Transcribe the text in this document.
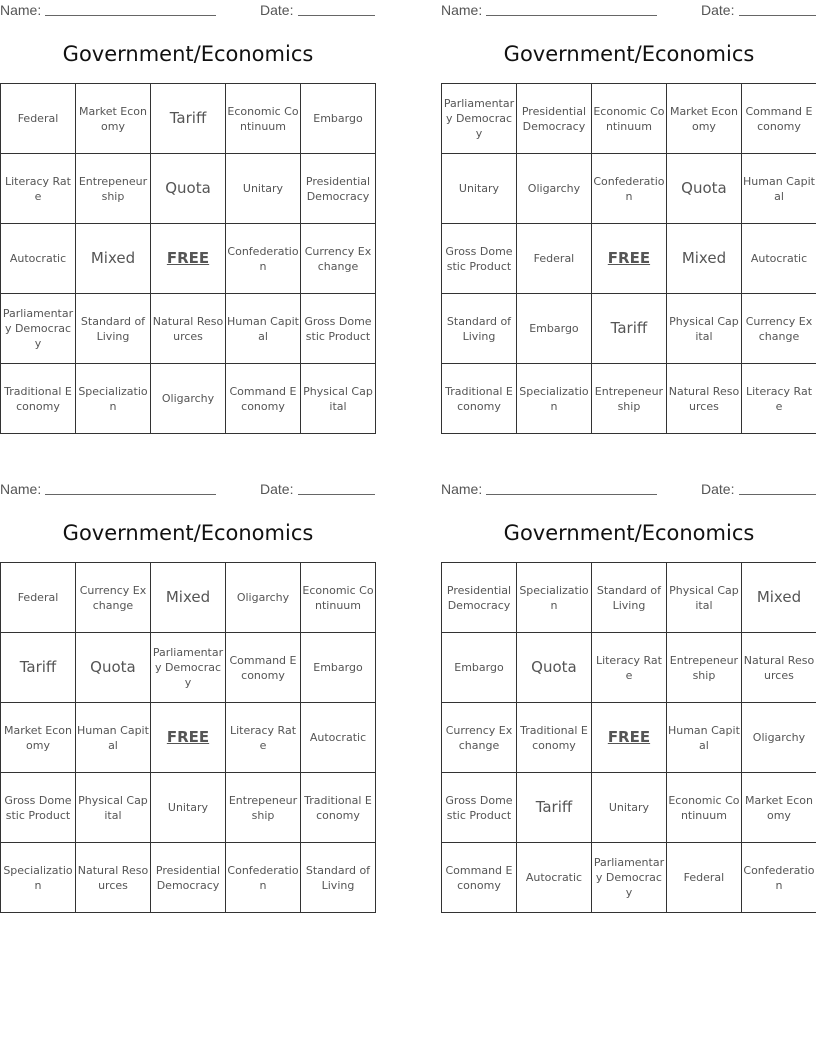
Name:	Date:
Government/Economics
Federal	Market Economy	Tariff	Economic Continuum	Embargo
Literacy Rate	Entrepeneurship	Quota	Unitary	Presidential Democracy
Autocratic	Mixed	FREE	Confederation	Currency Exchange
Parliamentary Democracy	Standard of Living	Natural Resources	Human Capital	Gross Domestic Product
Traditional Economy	Specialization	Oligarchy	Command Economy	Physical Capital
Name:	Date:
Government/Economics
Parliamentary Democracy	Presidential Democracy	Economic Continuum	Market Economy	Command Economy
Unitary	Oligarchy	Confederation	Quota	Human Capital
Gross Domestic Product	Federal	FREE	Mixed	Autocratic
Standard of Living	Embargo	Tariff	Physical Capital	Currency Exchange
Traditional Economy	Specialization	Entrepeneurship	Natural Resources	Literacy Rate
Name:	Date:
Government/Economics
Federal	Currency Exchange	Mixed	Oligarchy	Economic Continuum
Tariff	Quota	Parliamentary Democracy	Command Economy	Embargo
Market Economy	Human Capital	FREE	Literacy Rate	Autocratic
Gross Domestic Product	Physical Capital	Unitary	Entrepeneurship	Traditional Economy
Specialization	Natural Resources	Presidential Democracy	Confederation	Standard of Living
Name:	Date:
Government/Economics
Presidential Democracy	Specialization	Standard of Living	Physical Capital	Mixed
Embargo	Quota	Literacy Rate	Entrepeneurship	Natural Resources
Currency Exchange	Traditional Economy	FREE	Human Capital	Oligarchy
Gross Domestic Product	Tariff	Unitary	Economic Continuum	Market Economy
Command Economy	Autocratic	Parliamentary Democracy	Federal	Confederation
